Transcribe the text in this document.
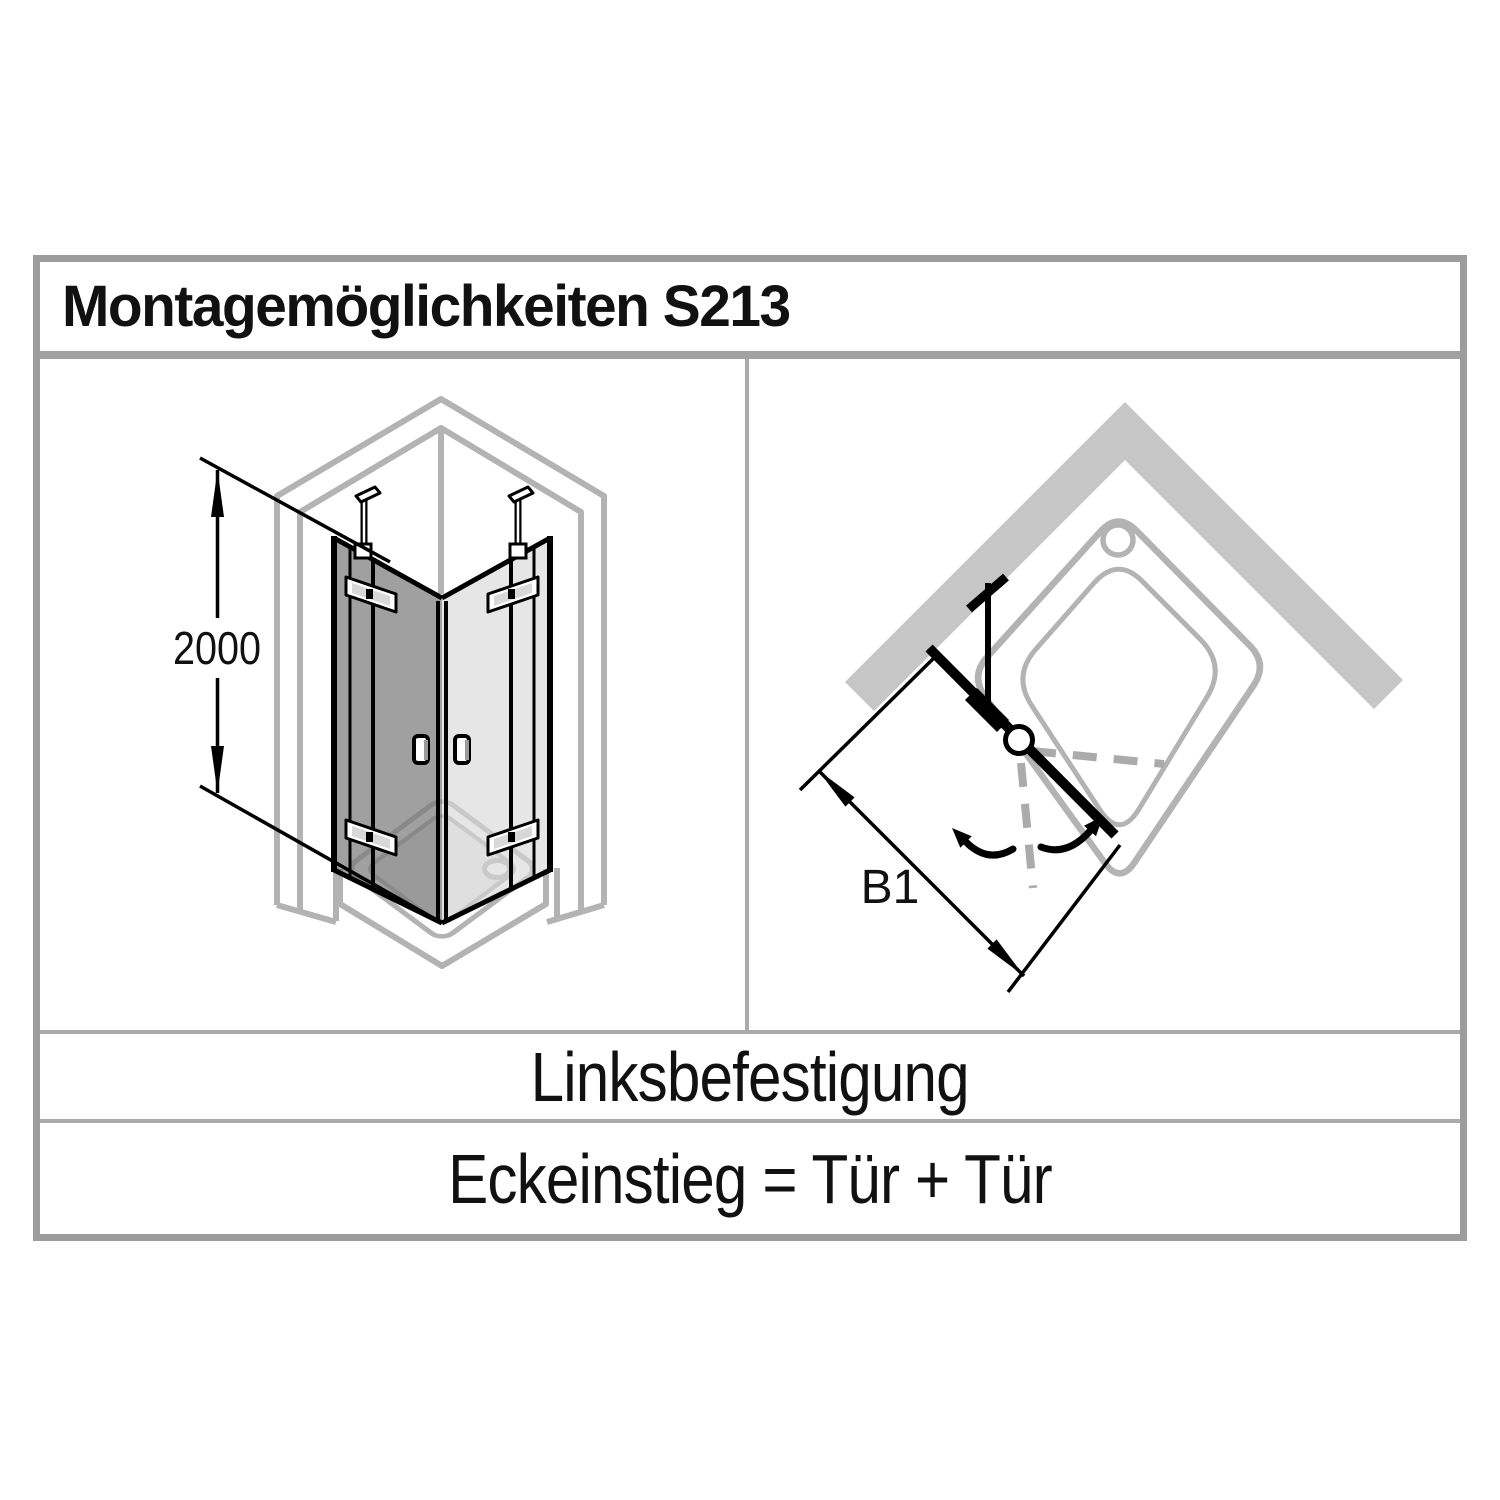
Montagemöglichkeiten S213
2000
B1
Linksbefestigung
Eckeinstieg = Tür + Tür
